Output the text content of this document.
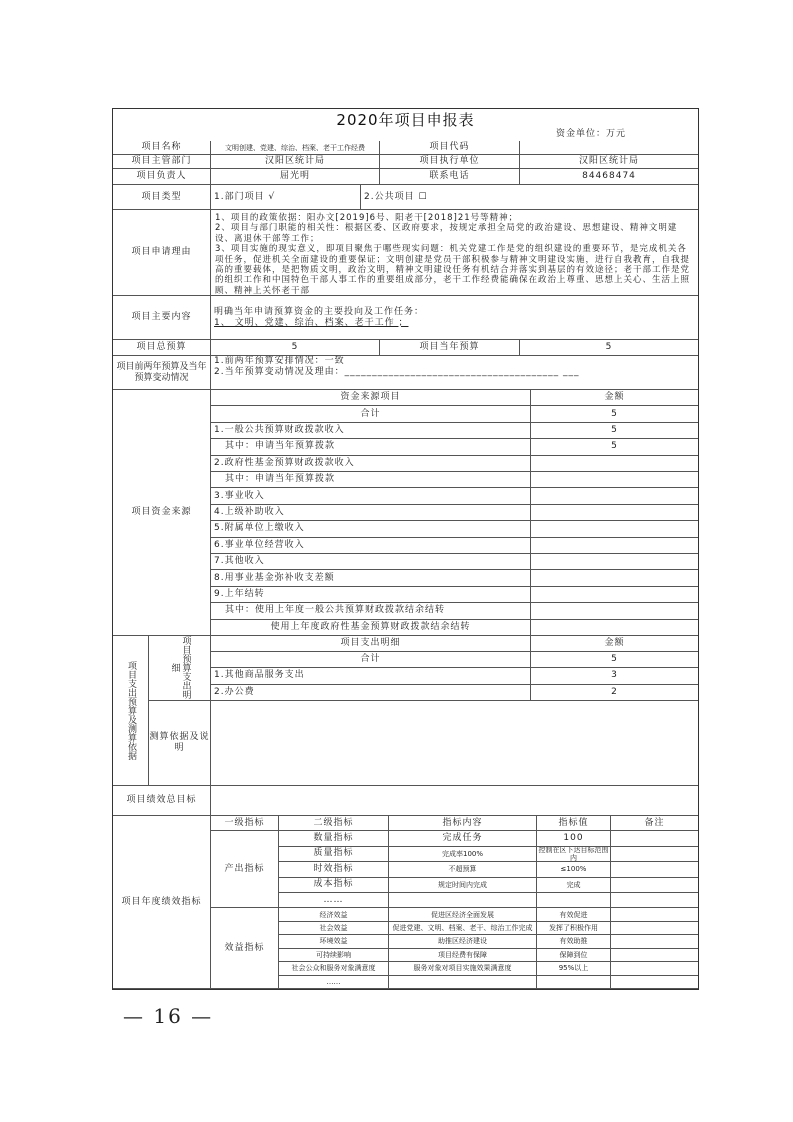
2020年项目申报表
资金单位：万元
项目名称	文明创建、党建、综治、档案、老干工作经费	项目代码
项目主管部门	汉阳区统计局	项目执行单位	汉阳区统计局
项目负责人	屈光明	联系电话	84468474
项目类型	1.部门项目 √	2.公共项目 ☐
项目申请理由
1、项目的政策依据：阳办文[2019]6号、阳老干[2018]21号等精神；
2、项目与部门职能的相关性：根据区委、区政府要求，按规定承担全局党的政治建设、思想建设、精神文明建设、离退休干部等工作；
3、项目实施的现实意义，即项目聚焦于哪些现实问题：机关党建工作是党的组织建设的重要环节，是完成机关各项任务，促进机关全面建设的重要保证；文明创建是党员干部积极参与精神文明建设实施，进行自我教育，自我提高的重要载体，是把物质文明，政治文明，精神文明建设任务有机结合并落实到基层的有效途径；老干部工作是党的组织工作和中国特色干部人事工作的重要组成部分，老干工作经费能确保在政治上尊重、思想上关心、生活上照顾、精神上关怀老干部
项目主要内容
明确当年申请预算资金的主要投向及工作任务：
1、 文明、党建、综治、档案、老干工作 ；
项目总预算	5	项目当年预算	5
项目前两年预算及当年预算变动情况
1.前两年预算安排情况：一致
2.当年预算变动情况及理由：_______________________________________ ___
项目资金来源
资金来源项目	金额
合计	5
1.一般公共预算财政拨款收入	5
其中：申请当年预算拨款	5
2.政府性基金预算财政拨款收入
其中：申请当年预算拨款
3.事业收入
4.上级补助收入
5.附属单位上缴收入
6.事业单位经营收入
7.其他收入
8.用事业基金弥补收支差额
9.上年结转
其中：使用上年度一般公共预算财政拨款结余结转
使用上年度政府性基金预算财政拨款结余结转
项目支出预算及测算依据	项目预算支出明细
项目支出明细	金额
合计	5
1.其他商品服务支出	3
2.办公费	2
测算依据及说明
项目绩效总目标
项目年度绩效指标
一级指标	二级指标	指标内容	指标值	备注
产出指标
数量指标	完成任务	100
质量指标	完成率100%	控制在区下达目标范围内
时效指标	不超预算	≤100%
成本指标	规定时间内完成	完成
……
效益指标
经济效益	促进区经济全面发展	有效促进
社会效益	促进党建、文明、档案、老干、综治工作完成	发挥了积极作用
环境效益	助推区经济建设	有效助推
可持续影响	项目经费有保障	保障到位
社会公众和服务对象满意度	服务对象对项目实施效果满意度	95%以上
……
— 16 —
